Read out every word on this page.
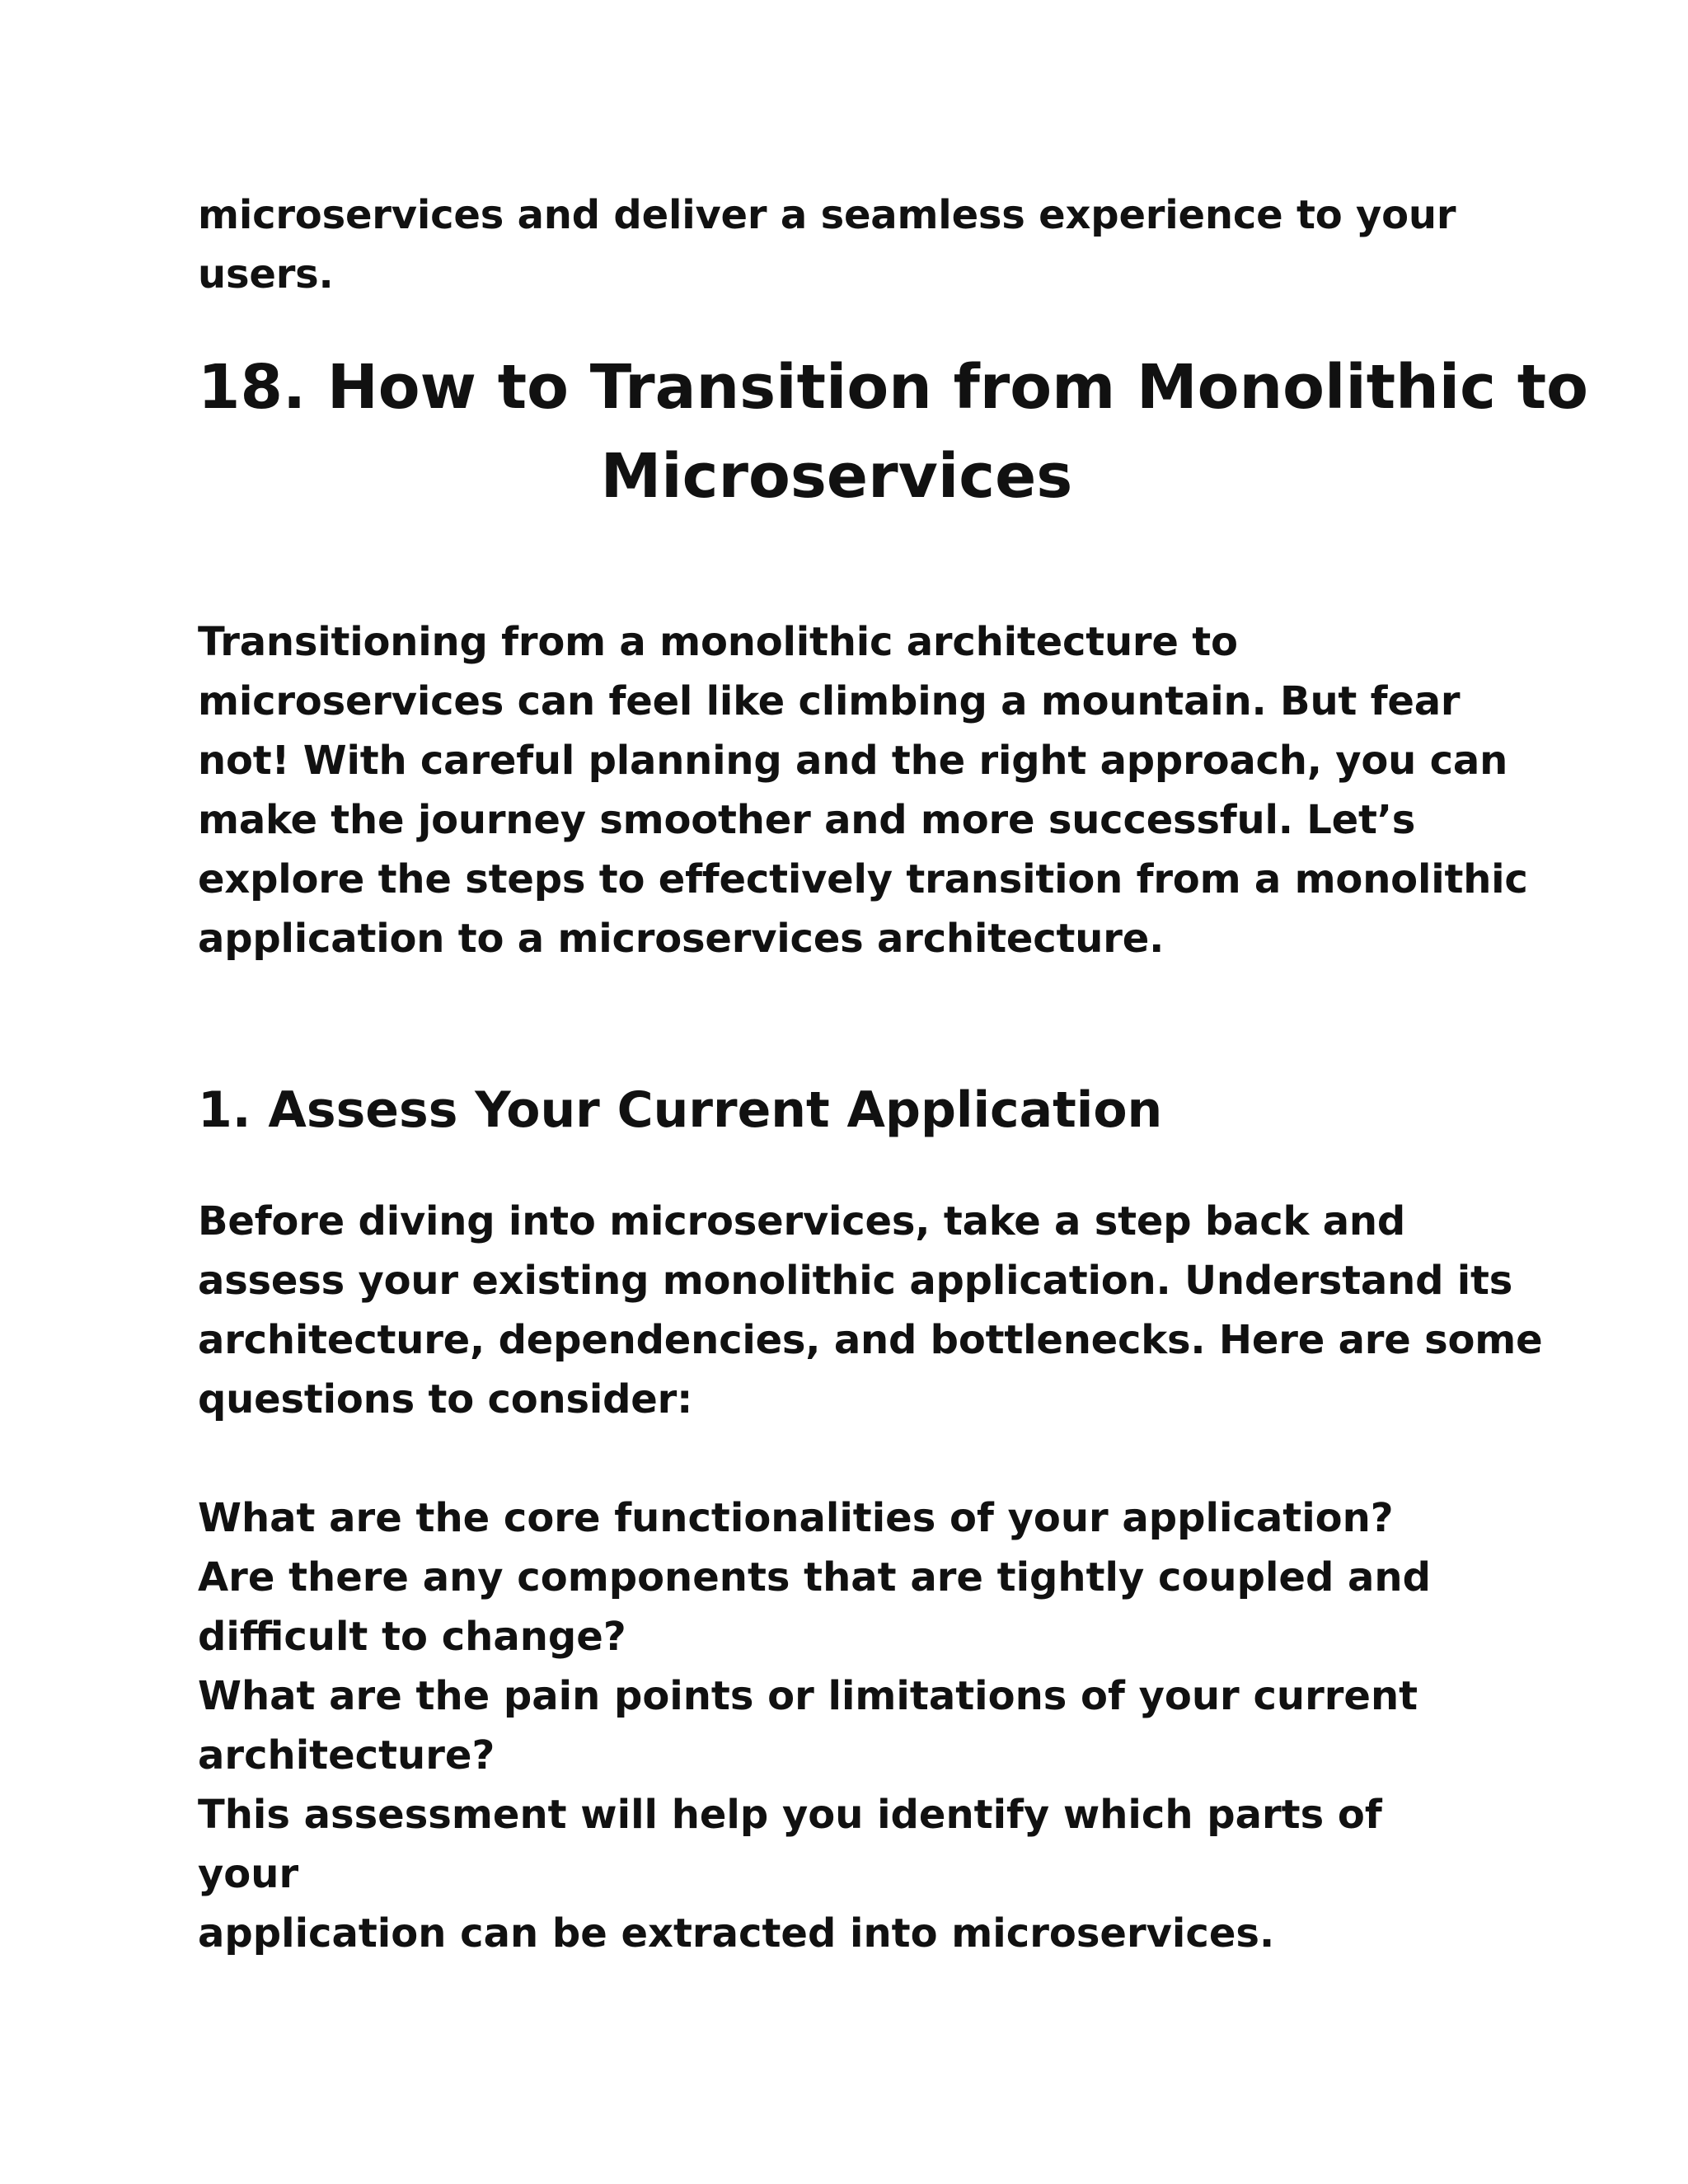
microservices and deliver a seamless experience to your
users.

18. How to Transition from Monolithic to
Microservices

Transitioning from a monolithic architecture to
microservices can feel like climbing a mountain. But fear
not! With careful planning and the right approach, you can
make the journey smoother and more successful. Let’s
explore the steps to effectively transition from a monolithic
application to a microservices architecture.

1. Assess Your Current Application

Before diving into microservices, take a step back and
assess your existing monolithic application. Understand its
architecture, dependencies, and bottlenecks. Here are some
questions to consider:

What are the core functionalities of your application?
Are there any components that are tightly coupled and
difficult to change?
What are the pain points or limitations of your current
architecture?
This assessment will help you identify which parts of your
application can be extracted into microservices.
